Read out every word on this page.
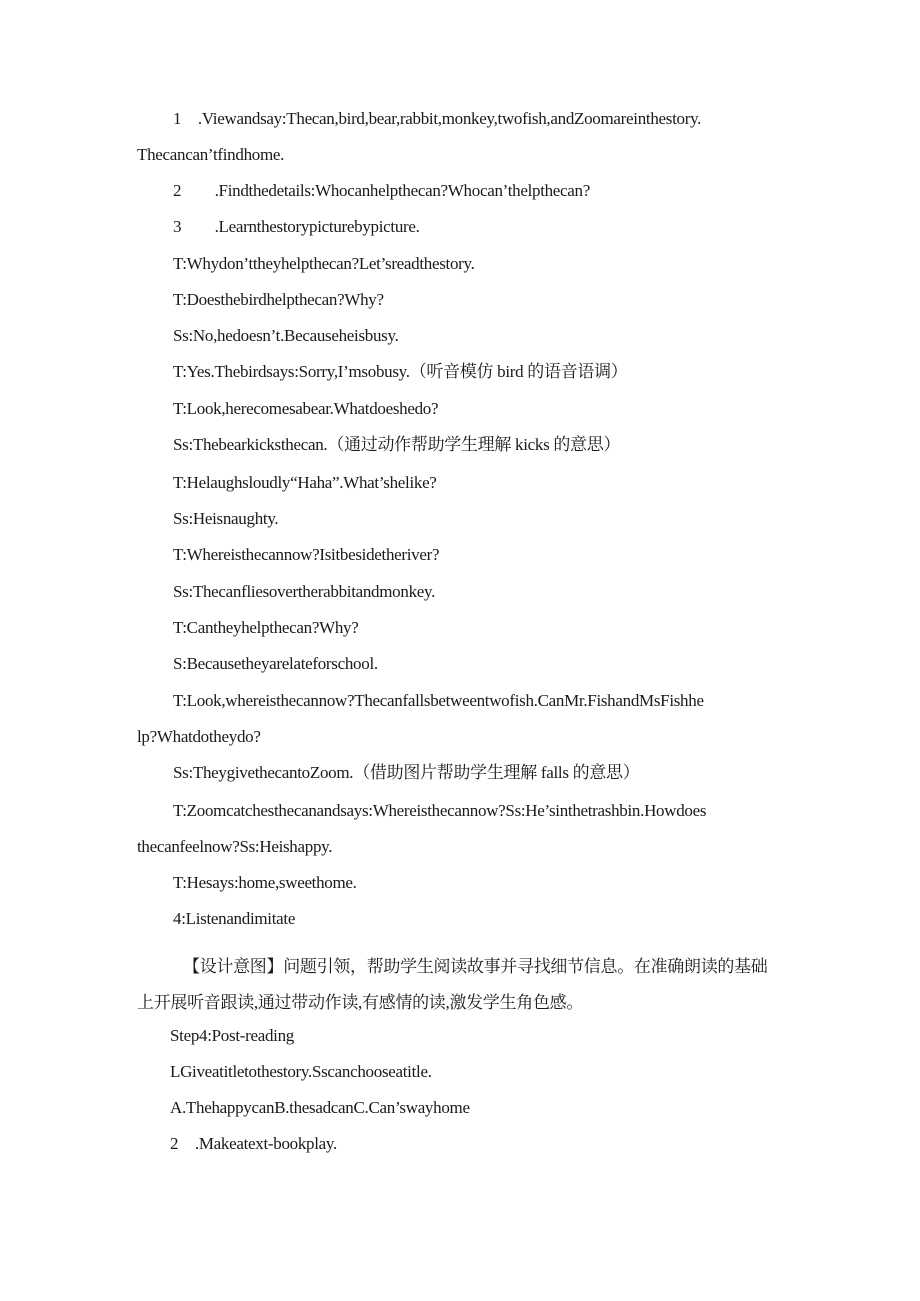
1 .Viewandsay:Thecan,bird,bear,rabbit,monkey,twofish,andZoomareinthestory.
Thecancan’tfindhome.
2  .Findthedetails:Whocanhelpthecan?Whocan’thelpthecan?
3  .Learnthestorypicturebypicture.
T:Whydon’ttheyhelpthecan?Let’sreadthestory.
T:Doesthebirdhelpthecan?Why?
Ss:No,hedoesn’t.Becauseheisbusy.
T:Yes.Thebirdsays:Sorry,I’msobusy.（听音模仿 bird 的语音语调）
T:Look,herecomesabear.Whatdoeshedo?
Ss:Thebearkicksthecan.（通过动作帮助学生理解 kicks 的意思）
T:Helaughsloudly“Haha”.What’shelike?
Ss:Heisnaughty.
T:Whereisthecannow?Isitbesidetheriver?
Ss:Thecanfliesovertherabbitandmonkey.
T:Cantheyhelpthecan?Why?
S:Becausetheyarelateforschool.
T:Look,whereisthecannow?Thecanfallsbetweentwofish.CanMr.FishandMsFishhe
lp?Whatdotheydo?
Ss:TheygivethecantoZoom.（借助图片帮助学生理解 falls 的意思）
T:Zoomcatchesthecanandsays:Whereisthecannow?Ss:He’sinthetrashbin.Howdoes
thecanfeelnow?Ss:Heishappy.
T:Hesays:home,sweethome.
4:Listenandimitate
【设计意图】问题引领，帮助学生阅读故事并寻找细节信息。在准确朗读的基础
上开展听音跟读,通过带动作读,有感情的读,激发学生角色感。
Step4:Post-reading
LGiveatitletothestory.Sscanchooseatitle.
A.ThehappycanB.thesadcanC.Can’swayhome
2 .Makeatext-bookplay.
